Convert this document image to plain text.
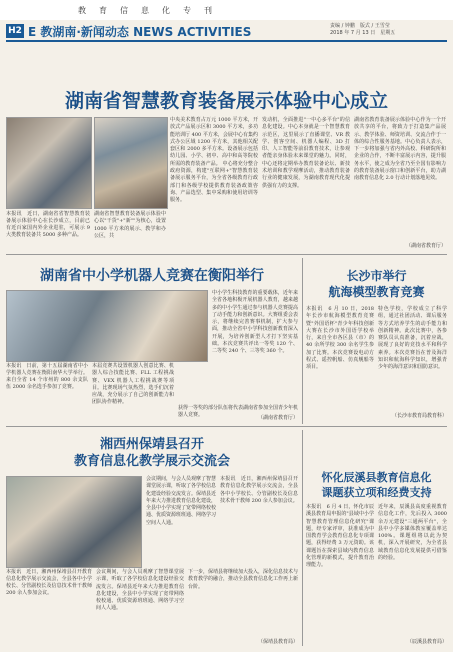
教育信息化专刊
H2 E 教湖南·新闻动态 NEWS ACTIVITIES	责编 / 钟鹏　版式 / 王雪莹
2018 年 7 月 13 日　星期五
湖南省智慧教育装备展示体验中心成立
本报讯　近日，湖南省省智慧教育装备展示体验中心在长沙成立，目前已有近百家国内外企业进驻，可展示 9 大类教育装备共 5000 多种产品。
湖南省智慧教育装备展示体验中心以"干货"+"新""为核心，设置 1000 平方米的展示、教学和办公区，共
中央美术教育占万元 1000 平方米，开放式产品展示区和 3000 平方米，多功能培训厅 400 平方米，会展中心有集约式办公区域 1200 平方米，其他相关配套区和 2000 多平方米。设备展示包括幼儿园、小学、初中、高中和高等院校所需的教育装备产品。 中心将充分整合政府资源，构建"互联网+"智慧教育装备展示服务平台，为全省各级教育行政部门和各级学校提供教育装备政策咨询、产品选型、集中采购和使用培训等服务。
发动机，全面推进"一中心多平台"的信息化建设。中心本身就是一个智慧教育示范区，这里展示了直播课堂、VR 教学、创客空间、机器人编程、3D 打印、人工智能等前沿教育技术，让参观者能亲身体验未来课堂的魅力。同时，中心还将定期举办教育装备论坛、新技术培训和教学观摩活动，推动教育装备行业的健康发展，为湖南教育现代化提供强有力的支撑。
湖南省教育装备展示体验中心作为一个开放共享的平台，将致力于打造集产品展示、教学体验、师资培训、交流合作于一体的综合性服务基地。中心负责人表示，下一步将加强与省内外高校、科研院所和企业的合作，不断丰富展示内容，提升服务水平，使之成为全省乃至全国有影响力的教育装备展示窗口和创新平台，助力湖南教育信息化 2.0 行动计划落地见效。
（湖南省教育厅）
湖南省中小学机器人竞赛在衡阳举行
本报讯　日前，第十五届湖南省中小学机器人竞赛在衡阳南华大学举行。来自全省 14 个市州的 800 余支队伍 2000 余名选手参加了竞赛。
本届竞赛共设置机器人创意比赛、机器人综合技能比赛、FLL 工程挑战赛、VEX 机器人工程挑战赛等项目。比赛现场气氛热烈，选手们沉着应战，充分展示了自己的创新能力和团队协作精神。
中小学生科技教育的重要载体，近年来全省各地积极开展机器人教育，越来越多的中小学生通过参与机器人竞赛提高了动手能力和创新意识。大赛组委会表示，将继续完善赛事机制，扩大参与面，推动全省中小学科技创新教育深入开展，为培养创新型人才打下坚实基础。本次竞赛共评出一等奖 120 个、二等奖 240 个、三等奖 360 个。
获得一等奖的部分队伍将代表湖南省参加全国青少年机器人竞赛。	（湖南省教育厅）
长沙市举行
航海模型教育竞赛
本报讯　6 月 10 日，2018 年长沙市航海模型教育竞赛暨"外国语杯"青少年科技创新大赛在长沙市外国语学校举行，来自全市各区县（市）的 40 余所学校 300 余名学生参加了比赛。本次竞赛设电动方程式、遥控帆船、仿真舰船等项目。
特色学校，学校成立了科学组，通过社团活动、课后服务等方式培养学生的动手能力和创新精神。此次比赛中，各参赛队员认真准备，沉着应战，展现了良好的竞技水平和科学素养。本次竞赛旨在普及海洋知识和航海科学知识，增强青少年的海洋意识和国防意识。
（长沙市教育局教育科）
湘西州保靖县召开
教育信息化教学展示交流会
本报讯　近日，湘西州保靖县召开教育信息化教学展示交流会，全县各中小学校长、分管副校长及信息技术骨干教师 200 余人参加会议。
会议期间，与会人员观摩了智慧课堂展示课，听取了各学校信息化建设经验交流发言。保靖县近年来大力推进教育信息化建设，全县中小学实现了宽带网络校校通、优质资源班班通、网络学习空间人人通。
会议期间，与会人员观摩了智慧课堂展示课，听取了各学校信息化建设经验交流发言。保靖县近年来大力推进教育信息化建设，全县中小学实现了宽带网络校校通、优质资源班班通、网络学习空间人人通。
下一步，保靖县将继续加大投入，深化信息技术与教育教学的融合，推动全县教育信息化工作再上新台阶。
本报讯　近日，湘西州保靖县召开教育信息化教学展示交流会，全县各中小学校长、分管副校长及信息技术骨干教师 200 余人参加会议。
（保靖县教育局）
怀化辰溪县教育信息化
课题获立项和经费支持
本报讯　6 月 4 日，怀化市辰溪县教育局申报的"县域中小学智慧教育管理信息化研究"课题，经专家评审，获准成为中国教育学会教育信息化专项课题，获得经费 3 万元资助。该课题旨在探索县域内教育信息化管理的新模式，提升教育治理能力。
近年来，辰溪县高度重视教育信息化工作，先后投入 3000 余万元建设"三通两平台"，全县中小学多媒体教室覆盖率达 100%。课题组将以此为契机，深入开展研究，为全省县域教育信息化发展提供可借鉴的经验。
（辰溪县教育局）
